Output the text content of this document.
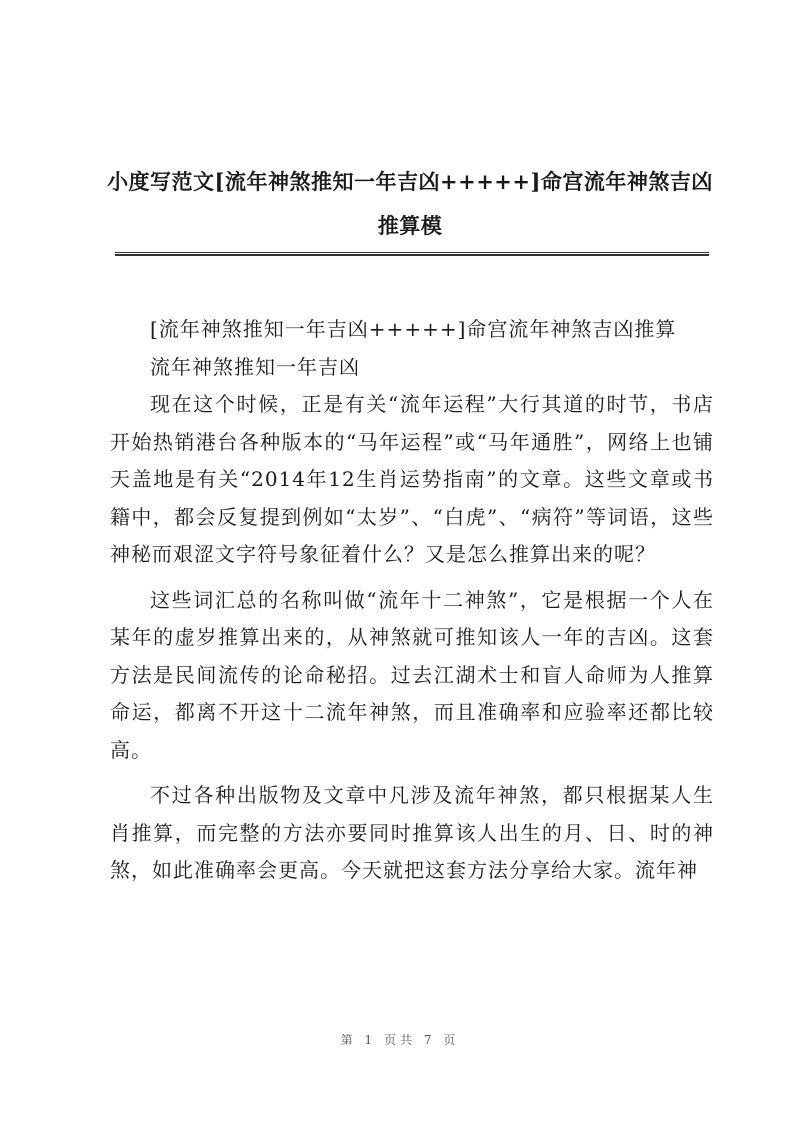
小度写范文[流年神煞推知一年吉凶+++++]命宫流年神煞吉凶推算模

[流年神煞推知一年吉凶+++++]命宫流年神煞吉凶推算

流年神煞推知一年吉凶

现在这个时候，正是有关“流年运程”大行其道的时节，书店开始热销港台各种版本的“马年运程”或“马年通胜”，网络上也铺天盖地是有关“2014年12生肖运势指南”的文章。这些文章或书籍中，都会反复提到例如“太岁”、“白虎”、“病符”等词语，这些神秘而艰涩文字符号象征着什么？又是怎么推算出来的呢？

这些词汇总的名称叫做“流年十二神煞”，它是根据一个人在某年的虚岁推算出来的，从神煞就可推知该人一年的吉凶。这套方法是民间流传的论命秘招。过去江湖术士和盲人命师为人推算命运，都离不开这十二流年神煞，而且准确率和应验率还都比较高。

不过各种出版物及文章中凡涉及流年神煞，都只根据某人生肖推算，而完整的方法亦要同时推算该人出生的月、日、时的神煞，如此准确率会更高。今天就把这套方法分享给大家。流年神

第 1 页共 7 页
